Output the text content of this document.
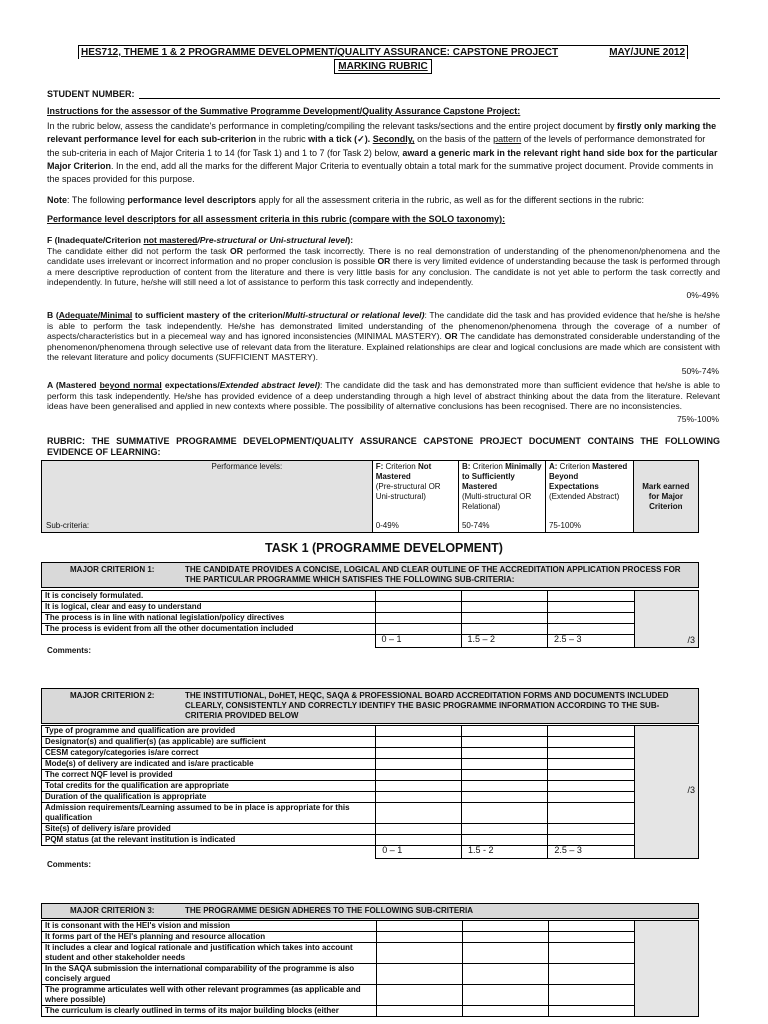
HES712, THEME 1 & 2 PROGRAMME DEVELOPMENT/QUALITY ASSURANCE: CAPSTONE PROJECT	MAY/JUNE 2012
MARKING RUBRIC
STUDENT NUMBER:
Instructions for the assessor of the Summative Programme Development/Quality Assurance Capstone Project:
In the rubric below, assess the candidate's performance in completing/compiling the relevant tasks/sections and the entire project document by firstly only marking the relevant performance level for each sub-criterion in the rubric with a tick (✓). Secondly, on the basis of the pattern of the levels of performance demonstrated for the sub-criteria in each of Major Criteria 1 to 14 (for Task 1) and 1 to 7 (for Task 2) below, award a generic mark in the relevant right hand side box for the particular Major Criterion. In the end, add all the marks for the different Major Criteria to eventually obtain a total mark for the summative project document. Provide comments in the spaces provided for this purpose.
Note: The following performance level descriptors apply for all the assessment criteria in the rubric, as well as for the different sections in the rubric:
Performance level descriptors for all assessment criteria in this rubric (compare with the SOLO taxonomy):
F (Inadequate/Criterion not mastered/Pre-structural or Uni-structural level):
The candidate either did not perform the task OR performed the task incorrectly. There is no real demonstration of understanding of the phenomenon/phenomena and the candidate uses irrelevant or incorrect information and no proper conclusion is possible OR there is very limited evidence of understanding because the task is performed through a mere descriptive reproduction of content from the literature and there is very little basis for any conclusion. The candidate is not yet able to perform the task correctly and independently. In future, he/she will still need a lot of assistance to perform this task correctly and independently.
0%-49%
B (Adequate/Minimal to sufficient mastery of the criterion/Multi-structural or relational level): The candidate did the task and has provided evidence that he/she is he/she is able to perform the task independently. He/she has demonstrated limited understanding of the phenomenon/phenomena through the coverage of a number of aspects/characteristics but in a piecemeal way and has ignored inconsistencies (MINIMAL MASTERY). OR The candidate has demonstrated considerable understanding of the phenomenon/phenomena through selective use of relevant data from the literature. Explained relationships are clear and logical conclusions are made which are consistent with the relevant literature and policy documents (SUFFICIENT MASTERY).
50%-74%
A (Mastered beyond normal expectations/Extended abstract level): The candidate did the task and has demonstrated more than sufficient evidence that he/she is able to perform this task independently. He/she has provided evidence of a deep understanding through a high level of abstract thinking about the data from the literature. Relevant ideas have been generalised and applied in new contexts where possible. The possibility of alternative conclusions has been recognised. There are no inconsistencies.
75%-100%
RUBRIC: THE SUMMATIVE PROGRAMME DEVELOPMENT/QUALITY ASSURANCE CAPSTONE PROJECT DOCUMENT CONTAINS THE FOLLOWING EVIDENCE OF LEARNING:
Performance levels:
Sub-criteria:
	F: Criterion Not Mastered
(Pre-structural OR Uni-structural)
0-49%
	B: Criterion Minimally to Sufficiently Mastered
(Multi-structural OR Relational)
50-74%
	A: Criterion Mastered Beyond Expectations
(Extended Abstract)
75-100%
	Mark earned for Major Criterion
TASK 1 (PROGRAMME DEVELOPMENT)
MAJOR CRITERION 1:	THE CANDIDATE PROVIDES A CONCISE, LOGICAL AND CLEAR OUTLINE OF THE ACCREDITATION APPLICATION PROCESS FOR THE PARTICULAR PROGRAMME WHICH SATISFIES THE FOLLOWING SUB-CRITERIA:
It is concisely formulated.				/3
It is logical, clear and easy to understand				
The process is in line with national legislation/policy directives				
The process is evident from all the other documentation included				
	0 – 1	1.5 – 2	2.5 – 3	
Comments:
MAJOR CRITERION 2:	THE INSTITUTIONAL, DoHET, HEQC, SAQA & PROFESSIONAL BOARD ACCREDITATION FORMS AND DOCUMENTS INCLUDED CLEARLY, CONSISTENTLY AND CORRECTLY IDENTIFY THE BASIC PROGRAMME INFORMATION ACCORDING TO THE SUB-CRITERIA PROVIDED BELOW
Type of programme and qualification are provided				/3
Designator(s) and qualifier(s) (as applicable) are sufficient				
CESM category/categories is/are correct				
Mode(s) of delivery are indicated and is/are practicable				
The correct NQF level is provided				
Total credits for the qualification are appropriate				
Duration of the qualification is appropriate				
Admission requirements/Learning assumed to be in place is appropriate for this qualification				
Site(s) of delivery is/are provided				
PQM status (at the relevant institution is indicated				
	0 – 1	1.5 - 2	2.5 – 3	
Comments:
MAJOR CRITERION 3:	THE PROGRAMME DESIGN ADHERES TO THE FOLLOWING SUB-CRITERIA
It is consonant with the HEI's vision and mission				
It forms part of the HEI's planning and resource allocation				
It includes a clear and logical rationale and justification which takes into account student and other stakeholder needs				
In the SAQA submission the international comparability of the programme is also concisely argued				
The programme articulates well with other relevant programmes (as applicable and where possible)				
The curriculum is clearly outlined in terms of its major building blocks (either				
